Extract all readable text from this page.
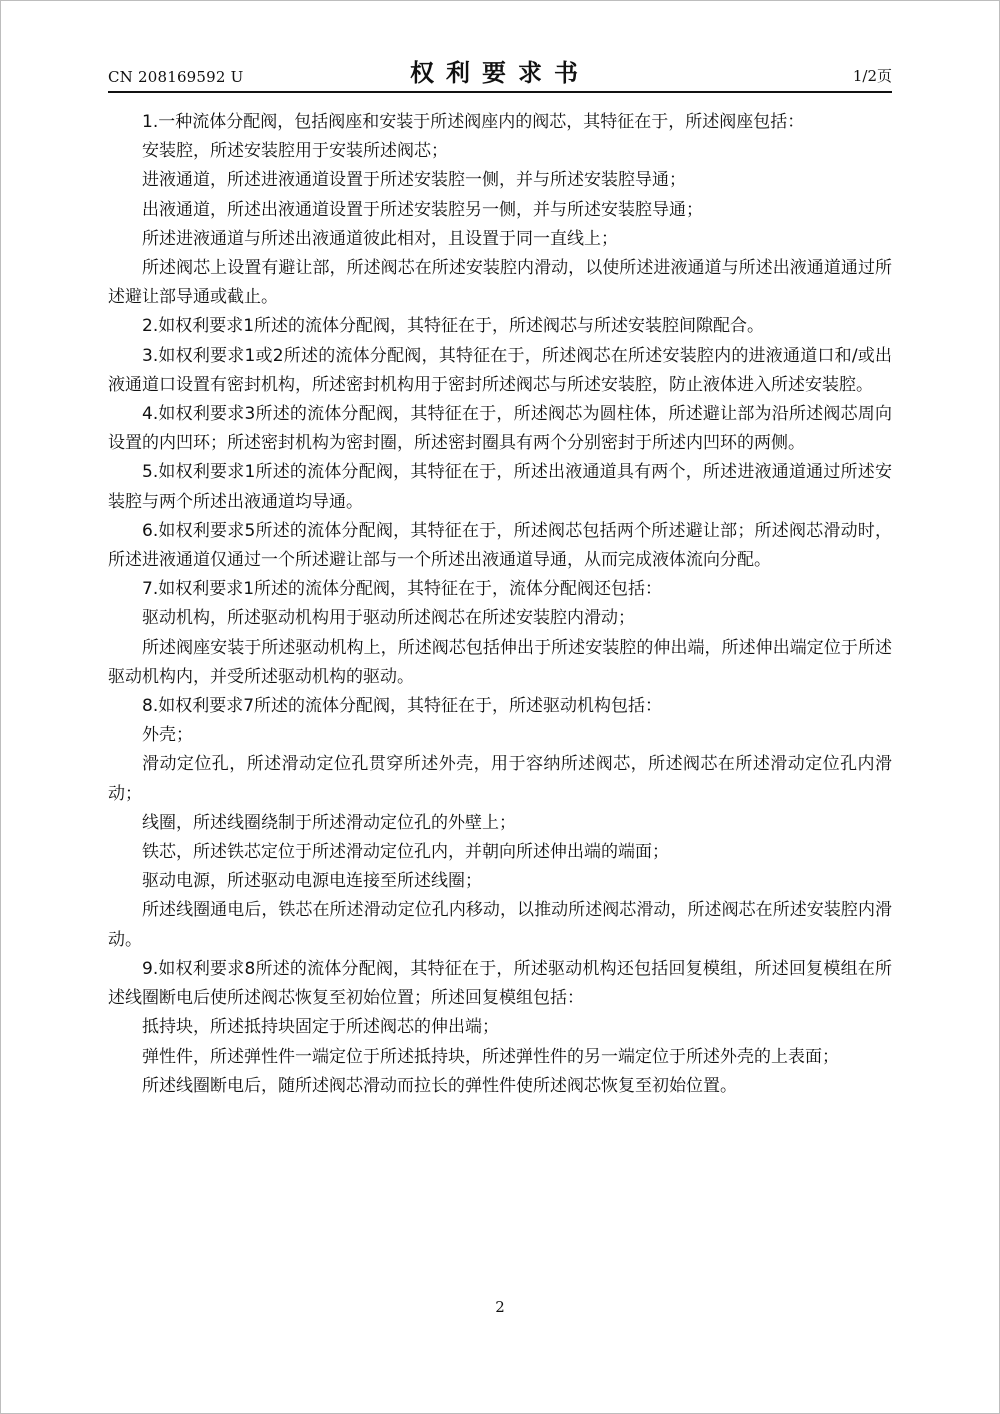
CN 208169592 U	权利要求书	1/2页

1.一种流体分配阀，包括阀座和安装于所述阀座内的阀芯，其特征在于，所述阀座包括：

安装腔，所述安装腔用于安装所述阀芯；

进液通道，所述进液通道设置于所述安装腔一侧，并与所述安装腔导通；

出液通道，所述出液通道设置于所述安装腔另一侧，并与所述安装腔导通；

所述进液通道与所述出液通道彼此相对，且设置于同一直线上；

所述阀芯上设置有避让部，所述阀芯在所述安装腔内滑动，以使所述进液通道与所述出液通道通过所述避让部导通或截止。

2.如权利要求1所述的流体分配阀，其特征在于，所述阀芯与所述安装腔间隙配合。

3.如权利要求1或2所述的流体分配阀，其特征在于，所述阀芯在所述安装腔内的进液通道口和/或出液通道口设置有密封机构，所述密封机构用于密封所述阀芯与所述安装腔，防止液体进入所述安装腔。

4.如权利要求3所述的流体分配阀，其特征在于，所述阀芯为圆柱体，所述避让部为沿所述阀芯周向设置的内凹环；所述密封机构为密封圈，所述密封圈具有两个分别密封于所述内凹环的两侧。

5.如权利要求1所述的流体分配阀，其特征在于，所述出液通道具有两个，所述进液通道通过所述安装腔与两个所述出液通道均导通。

6.如权利要求5所述的流体分配阀，其特征在于，所述阀芯包括两个所述避让部；所述阀芯滑动时，所述进液通道仅通过一个所述避让部与一个所述出液通道导通，从而完成液体流向分配。

7.如权利要求1所述的流体分配阀，其特征在于，流体分配阀还包括：

驱动机构，所述驱动机构用于驱动所述阀芯在所述安装腔内滑动；

所述阀座安装于所述驱动机构上，所述阀芯包括伸出于所述安装腔的伸出端，所述伸出端定位于所述驱动机构内，并受所述驱动机构的驱动。

8.如权利要求7所述的流体分配阀，其特征在于，所述驱动机构包括：

外壳；

滑动定位孔，所述滑动定位孔贯穿所述外壳，用于容纳所述阀芯，所述阀芯在所述滑动定位孔内滑动；

线圈，所述线圈绕制于所述滑动定位孔的外壁上；

铁芯，所述铁芯定位于所述滑动定位孔内，并朝向所述伸出端的端面；

驱动电源，所述驱动电源电连接至所述线圈；

所述线圈通电后，铁芯在所述滑动定位孔内移动，以推动所述阀芯滑动，所述阀芯在所述安装腔内滑动。

9.如权利要求8所述的流体分配阀，其特征在于，所述驱动机构还包括回复模组，所述回复模组在所述线圈断电后使所述阀芯恢复至初始位置；所述回复模组包括：

抵持块，所述抵持块固定于所述阀芯的伸出端；

弹性件，所述弹性件一端定位于所述抵持块，所述弹性件的另一端定位于所述外壳的上表面；

所述线圈断电后，随所述阀芯滑动而拉长的弹性件使所述阀芯恢复至初始位置。

2
